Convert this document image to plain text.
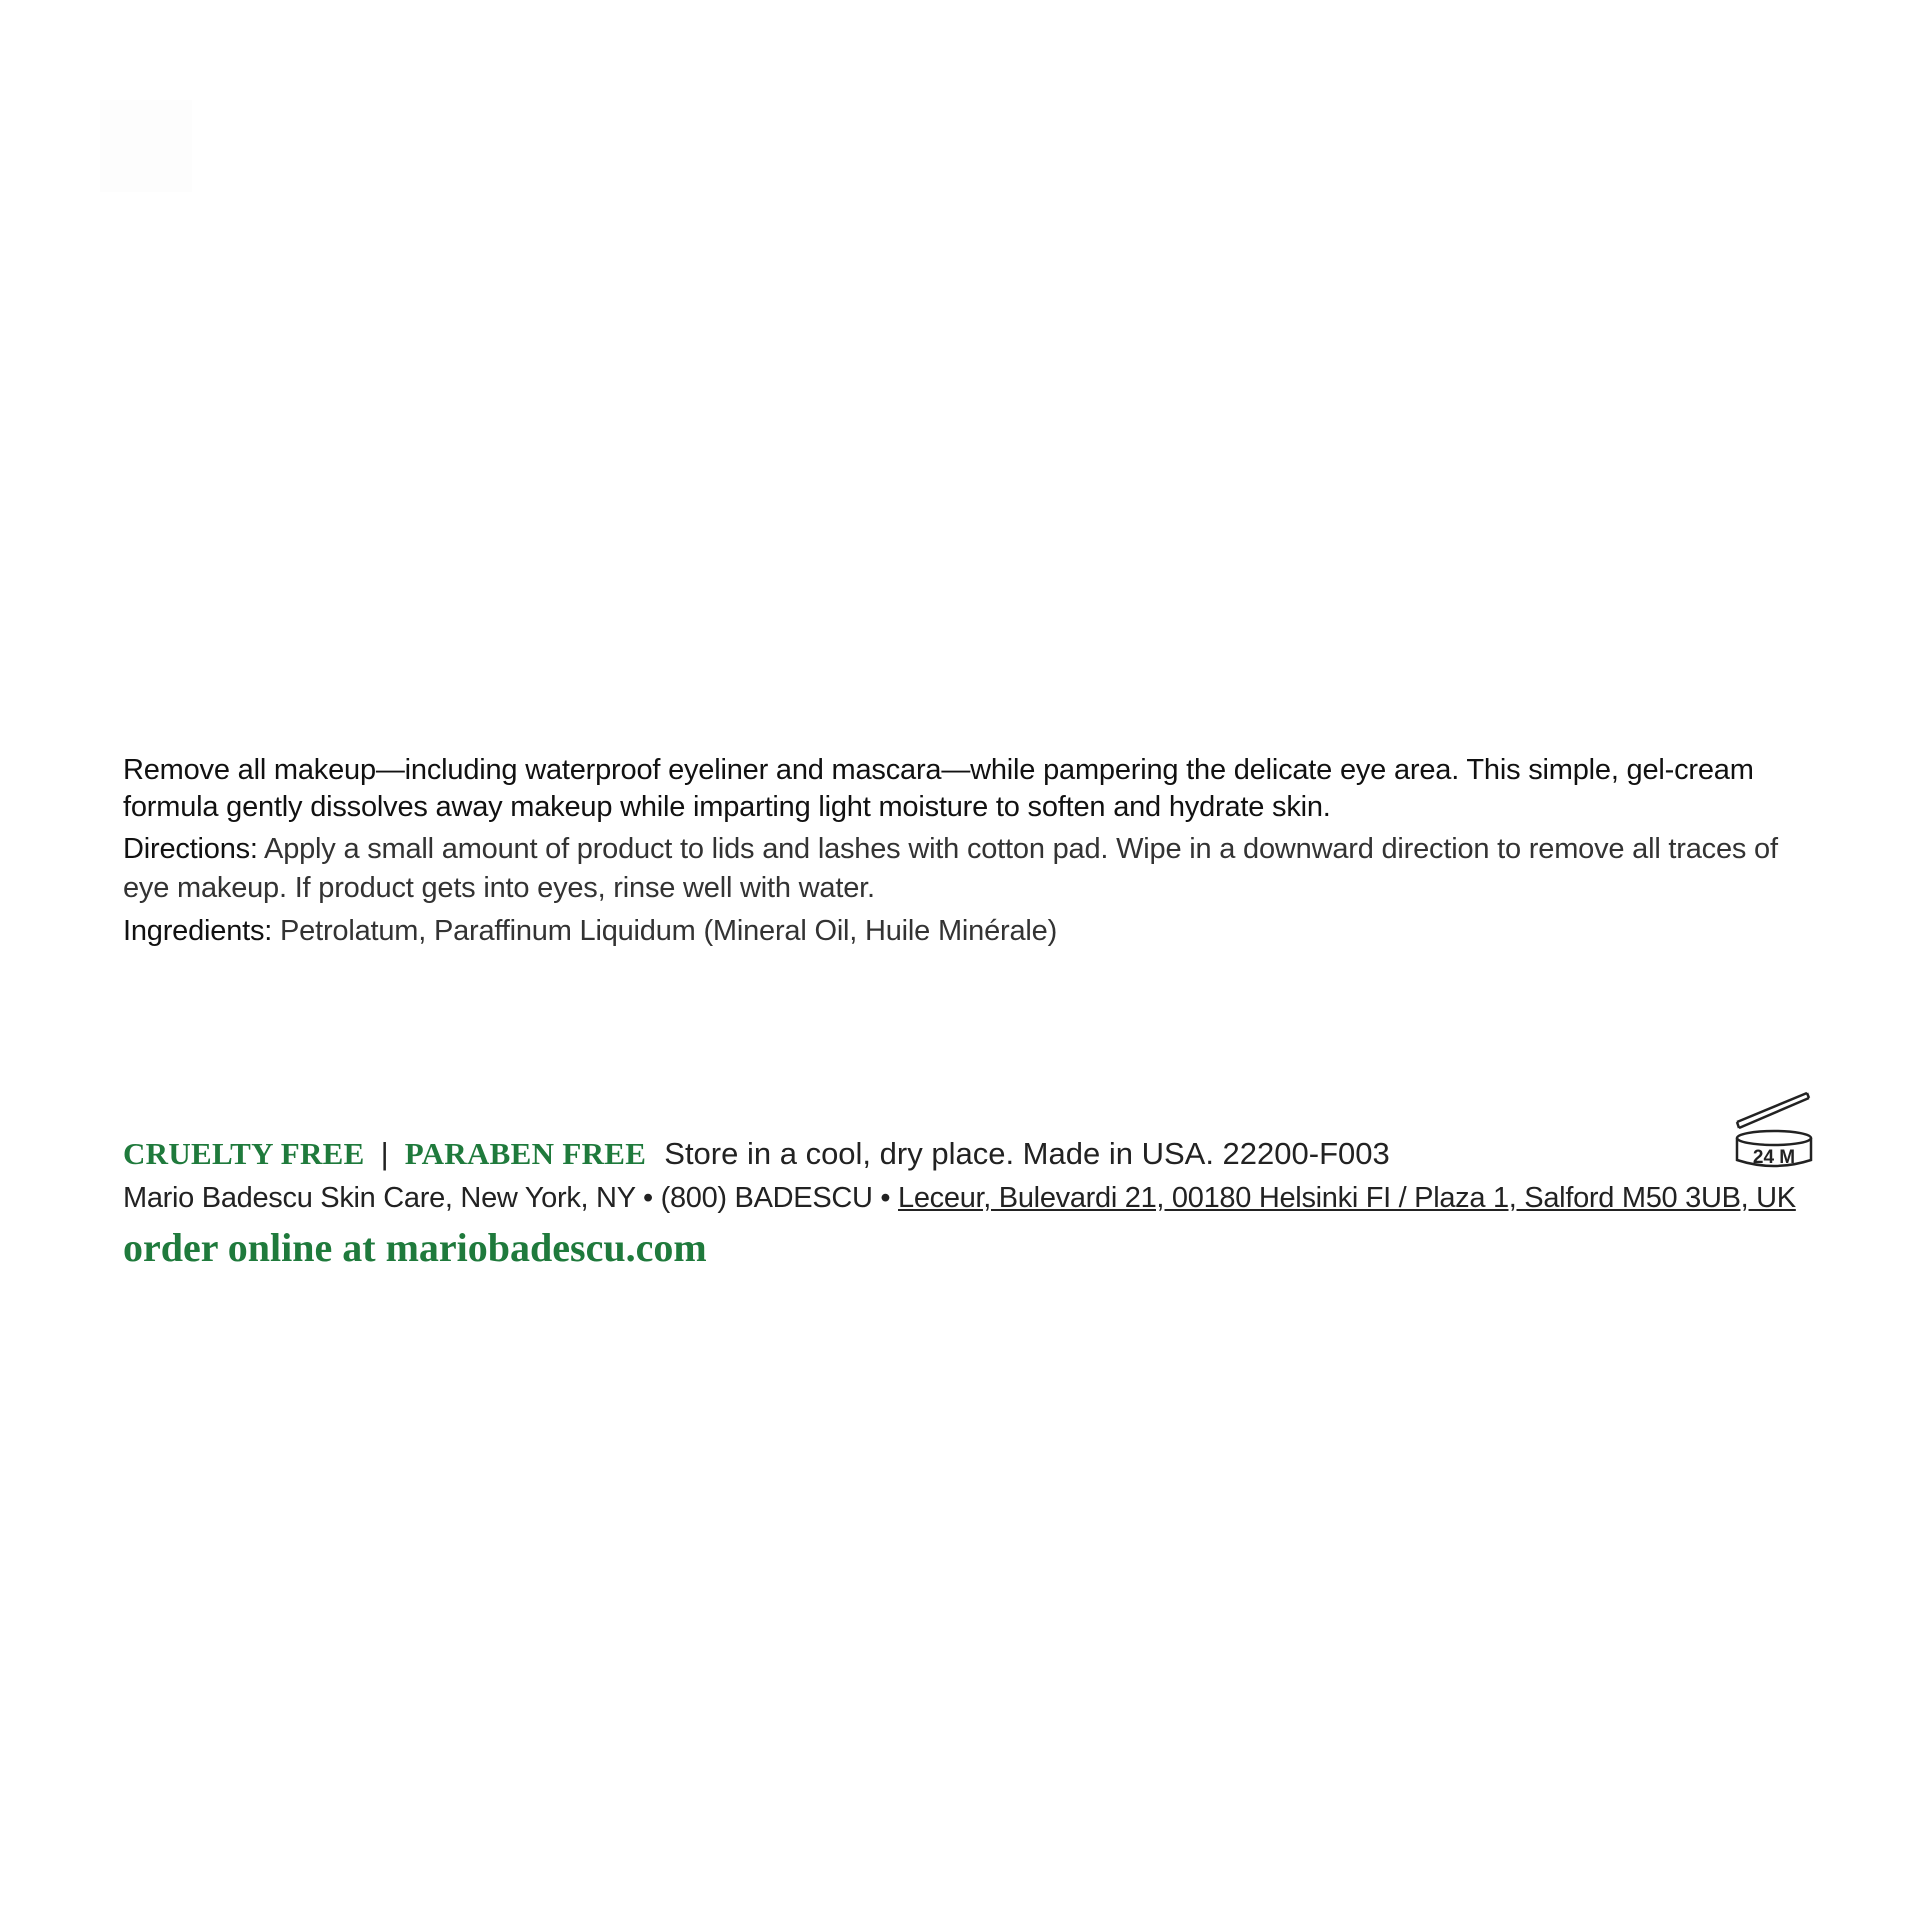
Remove all makeup—including waterproof eyeliner and mascara—while pampering the delicate eye area. This simple, gel-cream formula gently dissolves away makeup while imparting light moisture to soften and hydrate skin.

Directions: Apply a small amount of product to lids and lashes with cotton pad. Wipe in a downward direction to remove all traces of eye makeup. If product gets into eyes, rinse well with water.

Ingredients: Petrolatum, Paraffinum Liquidum (Mineral Oil, Huile Minérale)

24 M
CRUELTY FREE | PARABEN FREE Store in a cool, dry place. Made in USA. 22200-F003
Mario Badescu Skin Care, New York, NY • (800) BADESCU • Leceur, Bulevardi 21, 00180 Helsinki FI / Plaza 1, Salford M50 3UB, UK
order online at mariobadescu.com
